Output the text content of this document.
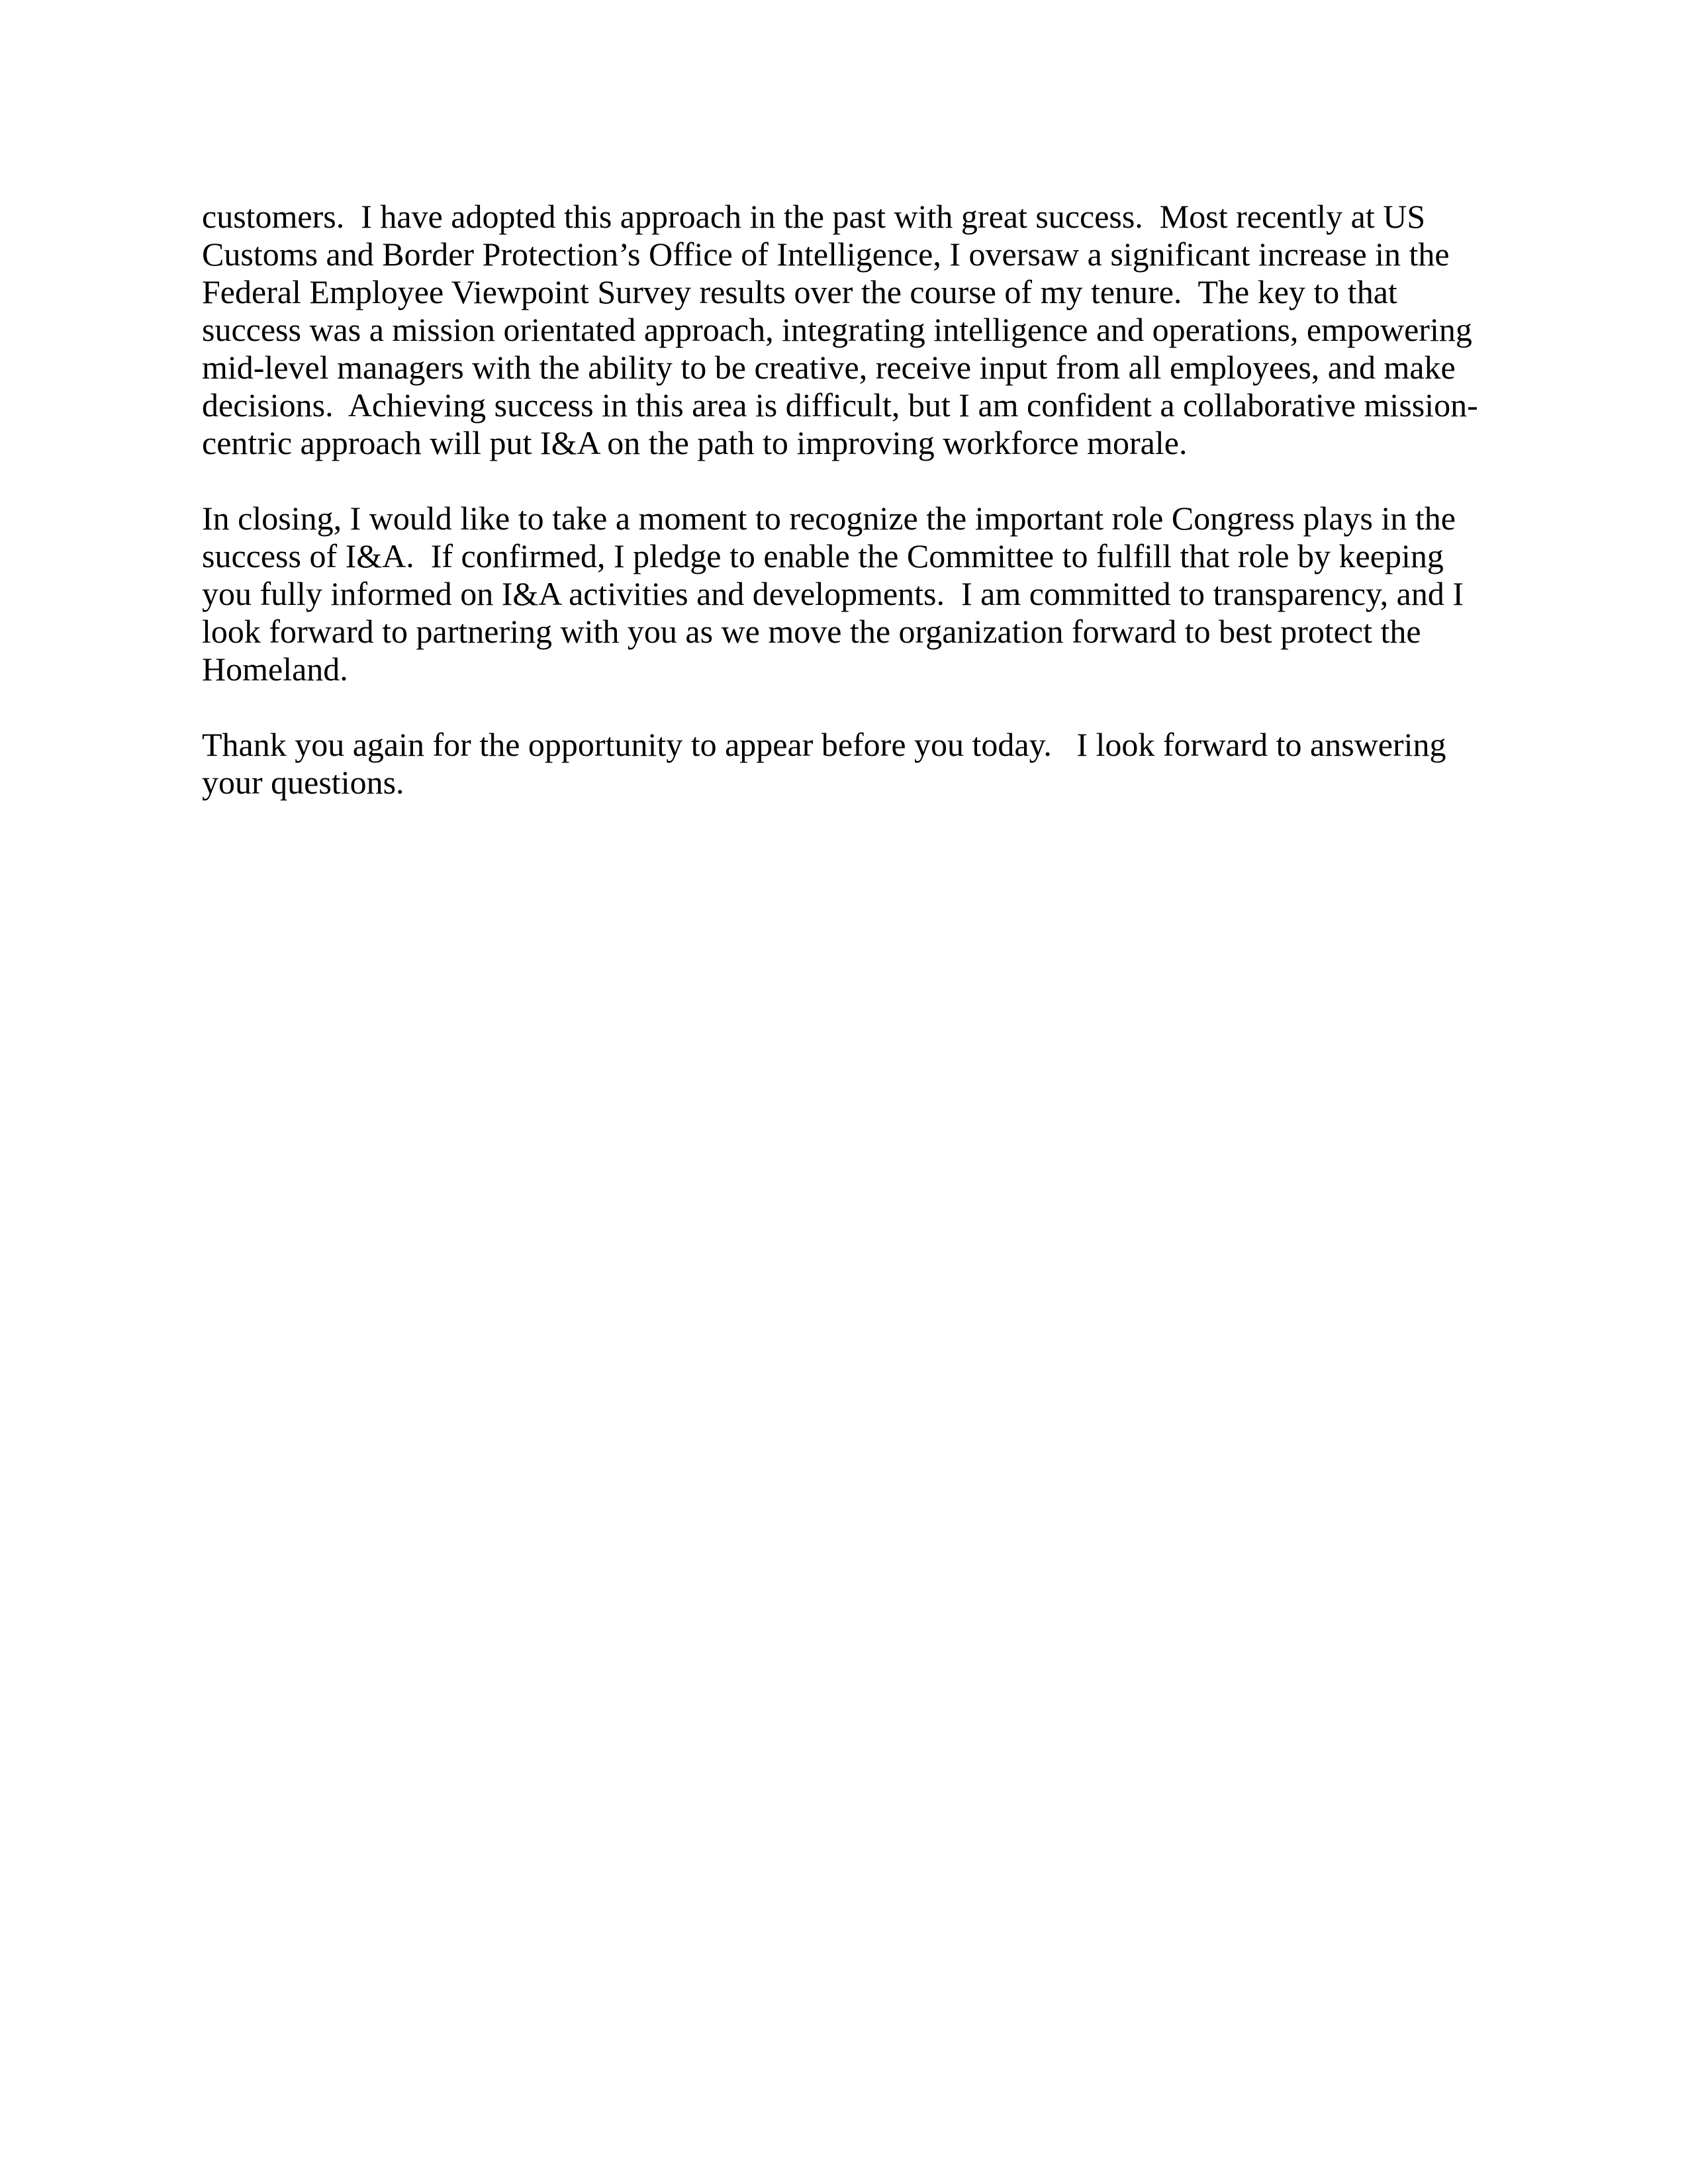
customers.  I have adopted this approach in the past with great success.  Most recently at US
Customs and Border Protection’s Office of Intelligence, I oversaw a significant increase in the
Federal Employee Viewpoint Survey results over the course of my tenure.  The key to that
success was a mission orientated approach, integrating intelligence and operations, empowering
mid-level managers with the ability to be creative, receive input from all employees, and make
decisions.  Achieving success in this area is difficult, but I am confident a collaborative mission-
centric approach will put I&A on the path to improving workforce morale.
In closing, I would like to take a moment to recognize the important role Congress plays in the
success of I&A.  If confirmed, I pledge to enable the Committee to fulfill that role by keeping
you fully informed on I&A activities and developments.  I am committed to transparency, and I
look forward to partnering with you as we move the organization forward to best protect the
Homeland.
Thank you again for the opportunity to appear before you today.   I look forward to answering
your questions.
